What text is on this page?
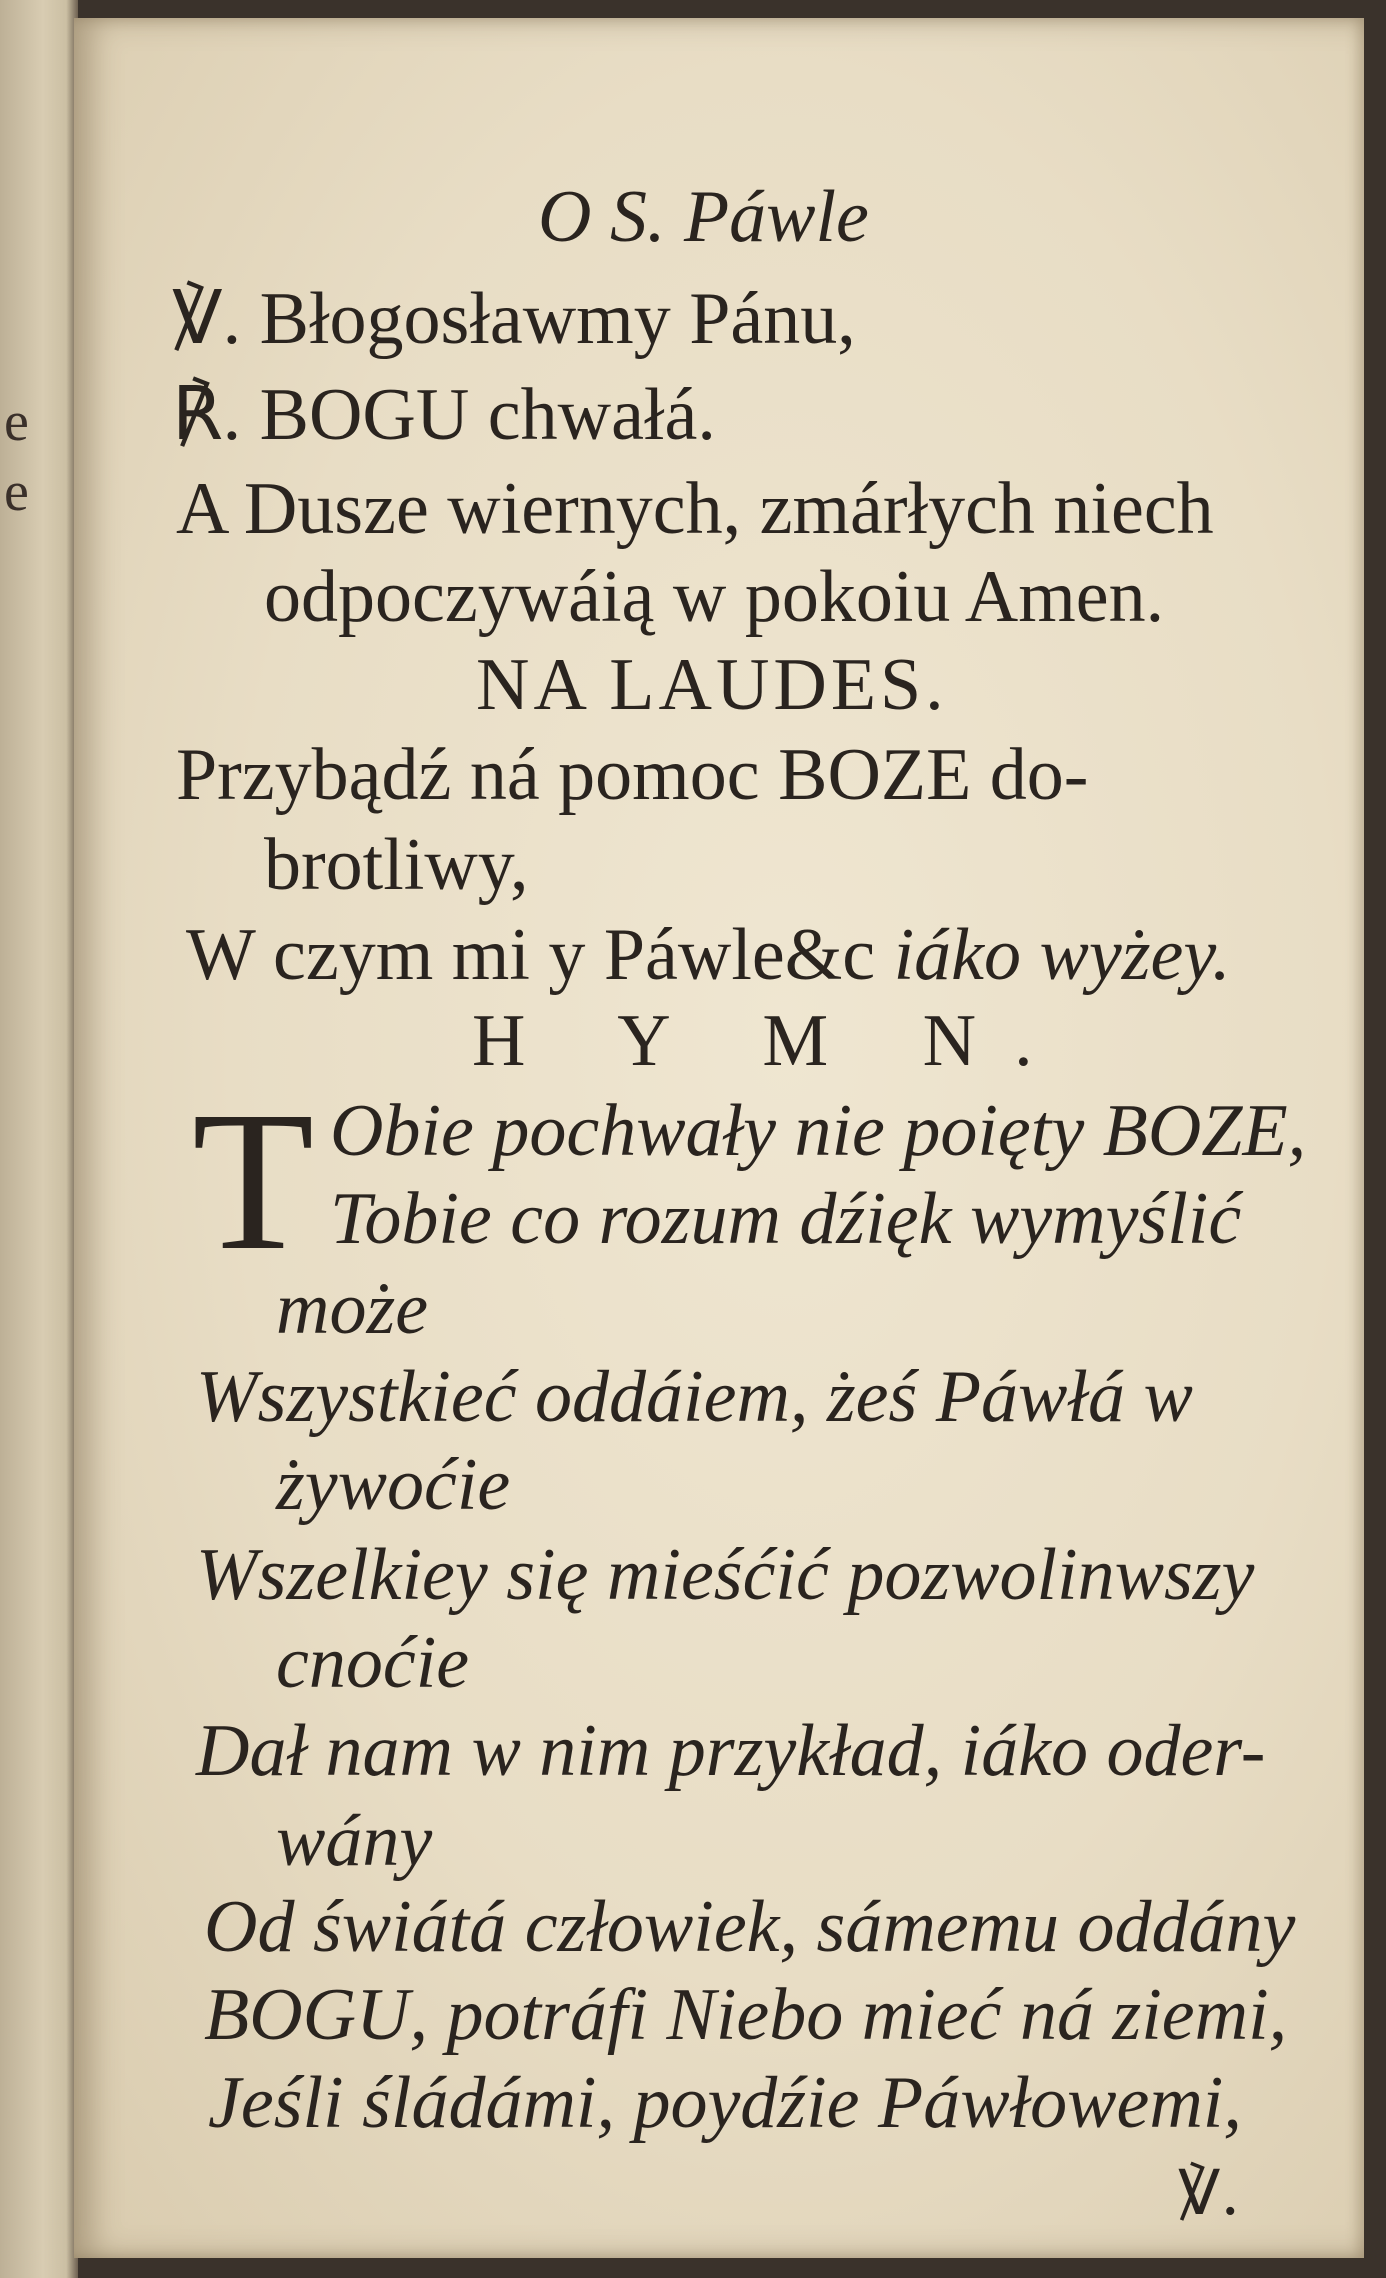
e
e
O S. Páwle
℣. Błogosławmy Pánu,
℟. BOGU chwałá.
A Dusze wiernych, zmárłych niech
odpoczywáią w pokoiu Amen.
NA LAUDES.
Przybądź ná pomoc BOZE do-
brotliwy,
W czym mi y Páwle&c iáko wyżey.
H Y M N.
T Obie pochwały nie poięty BOZE,
Tobie co rozum dźięk wymyślić
może
Wszystkieć oddáiem, żeś Páwłá w
żywoćie
Wszelkiey się mieśćić pozwolinwszy
cnoćie
Dał nam w nim przykład, iáko oder-
wány
Od świátá człowiek, sámemu oddány
BOGU, potráfi Niebo mieć ná ziemi,
Jeśli śládámi, poydźie Páwłowemi,
℣.
